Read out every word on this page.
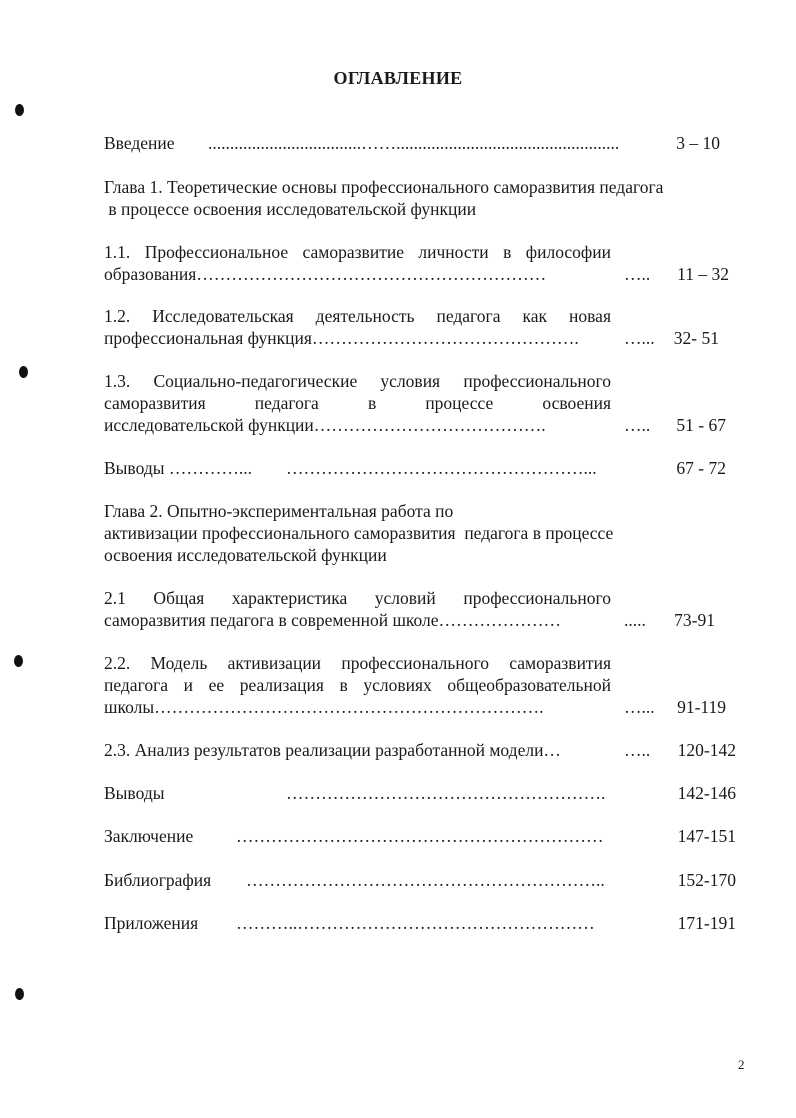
ОГЛАВЛЕНИЕ
Введение ...................................……...................................................	3 – 10
Глава 1. Теоретические основы профессионального саморазвития педагога
в процессе освоения исследовательской функции
1.1. Профессиональное саморазвитие личности в философии
образования……………………………………………………	…..	11 – 32
1.2. Исследовательская деятельность педагога как новая
профессиональная функция……………………………………….	…...	32- 51
1.3. Социально-педагогические условия профессионального
саморазвития педагога в процессе освоения
исследовательской функции………………………………….	…..	51 - 67
Выводы …………... ……………………………………………...	67 - 72
Глава 2. Опытно-экспериментальная работа по
активизации профессионального саморазвития  педагога в процессе
освоения исследовательской функции
2.1 Общая характеристика условий профессионального
саморазвития педагога в современной школе…………………	.....	73-91
2.2. Модель активизации профессионального саморазвития
педагога и ее реализация в условиях общеобразовательной
школы………………………………………………………….	…...	91-119
2.3. Анализ результатов реализации разработанной модели…	…..	120-142
Выводы	……………………………………………….	142-146
Заключение ………………………………………………………	147-151
Библиография ……………………………………………………..	152-170
Приложения ………..……………………………………………	171-191
2
